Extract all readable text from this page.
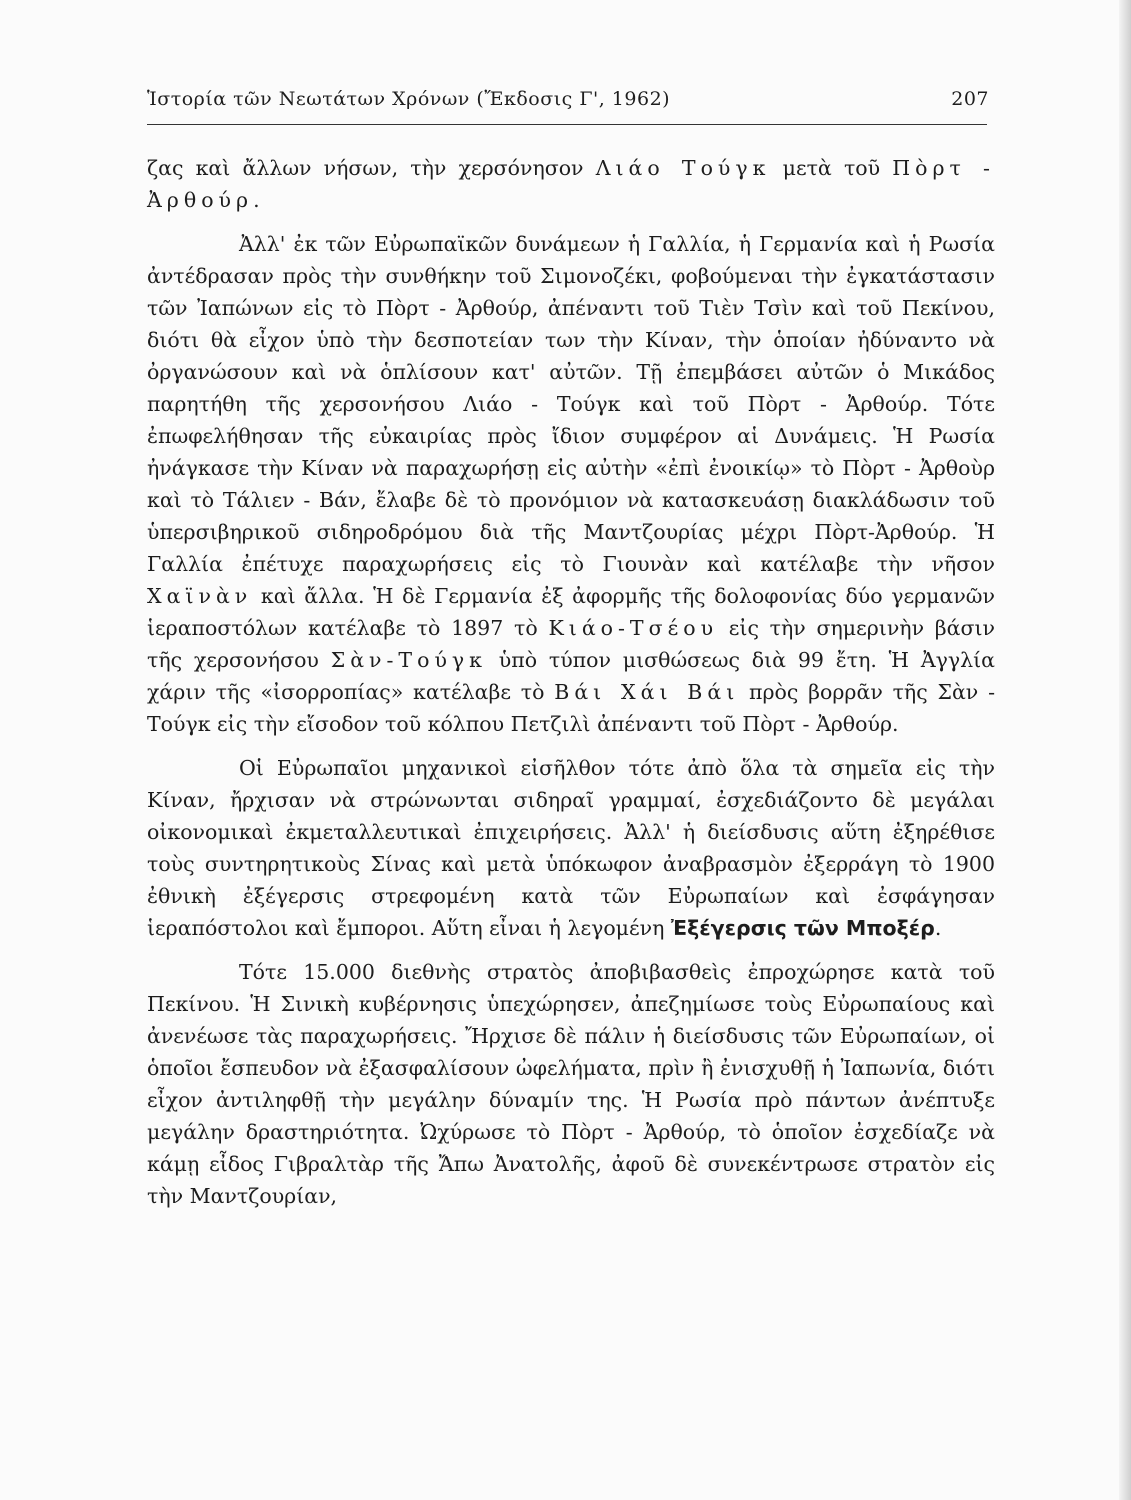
Ἱστορία τῶν Νεωτάτων Χρόνων (Ἔκδοσις Γ', 1962)	207

ζας καὶ ἄλλων νήσων, τὴν χερσόνησον Λιάο Τούγκ μετὰ τοῦ Πὸρτ - Ἀρθούρ.

Ἀλλ' ἐκ τῶν Εὐρωπαϊκῶν δυνάμεων ἡ Γαλλία, ἡ Γερμανία καὶ ἡ Ρωσία ἀντέδρασαν πρὸς τὴν συνθήκην τοῦ Σιμονοζέκι, φοβούμεναι τὴν ἐγκατάστασιν τῶν Ἰαπώνων εἰς τὸ Πὸρτ - Ἀρθούρ, ἀπέναντι τοῦ Τιὲν Τσὶν καὶ τοῦ Πεκίνου, διότι θὰ εἶχον ὑπὸ τὴν δεσποτείαν των τὴν Κίναν, τὴν ὁποίαν ἠδύναντο νὰ ὀργανώσουν καὶ νὰ ὁπλίσουν κατ' αὐτῶν. Τῇ ἐπεμβάσει αὐτῶν ὁ Μικάδος παρητήθη τῆς χερσονήσου Λιάο - Τούγκ καὶ τοῦ Πὸρτ - Ἀρθούρ. Τότε ἐπωφελήθησαν τῆς εὐκαιρίας πρὸς ἴδιον συμφέρον αἱ Δυνάμεις. Ἡ Ρωσία ἠνάγκασε τὴν Κίναν νὰ παραχωρήσῃ εἰς αὐτὴν «ἐπὶ ἐνοικίῳ» τὸ Πὸρτ - Ἀρθοὺρ καὶ τὸ Τάλιεν - Βάν, ἔλαβε δὲ τὸ προνόμιον νὰ κατασκευάσῃ διακλάδωσιν τοῦ ὑπερσιβηρικοῦ σιδηροδρόμου διὰ τῆς Μαντζουρίας μέχρι Πὸρτ-Ἀρθούρ. Ἡ Γαλλία ἐπέτυχε παραχωρήσεις εἰς τὸ Γιουνὰν καὶ κατέλαβε τὴν νῆσον Χαϊνὰν καὶ ἄλλα. Ἡ δὲ Γερμανία ἐξ ἀφορμῆς τῆς δολοφονίας δύο γερμανῶν ἱεραποστόλων κατέλαβε τὸ 1897 τὸ Κιάο-Τσέου εἰς τὴν σημερινὴν βάσιν τῆς χερσονήσου Σὰν-Τούγκ ὑπὸ τύπον μισθώσεως διὰ 99 ἔτη. Ἡ Ἀγγλία χάριν τῆς «ἰσορροπίας» κατέλαβε τὸ Βάι Χάι Βάι πρὸς βορρᾶν τῆς Σὰν - Τούγκ εἰς τὴν εἴσοδον τοῦ κόλπου Πετζιλὶ ἀπέναντι τοῦ Πὸρτ - Ἀρθούρ.

Οἱ Εὐρωπαῖοι μηχανικοὶ εἰσῆλθον τότε ἀπὸ ὅλα τὰ σημεῖα εἰς τὴν Κίναν, ἤρχισαν νὰ στρώνωνται σιδηραῖ γραμμαί, ἐσχεδιάζοντο δὲ μεγάλαι οἰκονομικαὶ ἐκμεταλλευτικαὶ ἐπιχειρήσεις. Ἀλλ' ἡ διείσδυσις αὕτη ἐξηρέθισε τοὺς συντηρητικοὺς Σίνας καὶ μετὰ ὑπόκωφον ἀναβρασμὸν ἐξερράγη τὸ 1900 ἐθνικὴ ἐξέγερσις στρεφομένη κατὰ τῶν Εὐρωπαίων καὶ ἐσφάγησαν ἱεραπόστολοι καὶ ἔμποροι. Αὕτη εἶναι ἡ λεγομένη Ἐξέγερσις τῶν Μποξέρ.

Τότε 15.000 διεθνὴς στρατὸς ἀποβιβασθεὶς ἐπροχώρησε κατὰ τοῦ Πεκίνου. Ἡ Σινικὴ κυβέρνησις ὑπεχώρησεν, ἀπεζημίωσε τοὺς Εὐρωπαίους καὶ ἀνενέωσε τὰς παραχωρήσεις. Ἤρχισε δὲ πάλιν ἡ διείσδυσις τῶν Εὐρωπαίων, οἱ ὁποῖοι ἔσπευδον νὰ ἐξασφαλίσουν ὠφελήματα, πρὶν ἢ ἐνισχυθῇ ἡ Ἰαπωνία, διότι εἶχον ἀντιληφθῇ τὴν μεγάλην δύναμίν της. Ἡ Ρωσία πρὸ πάντων ἀνέπτυξε μεγάλην δραστηριότητα. Ὠχύρωσε τὸ Πὸρτ - Ἀρθούρ, τὸ ὁποῖον ἐσχεδίαζε νὰ κάμῃ εἶδος Γιβραλτὰρ τῆς Ἄπω Ἀνατολῆς, ἀφοῦ δὲ συνεκέντρωσε στρατὸν εἰς τὴν Μαντζουρίαν,
